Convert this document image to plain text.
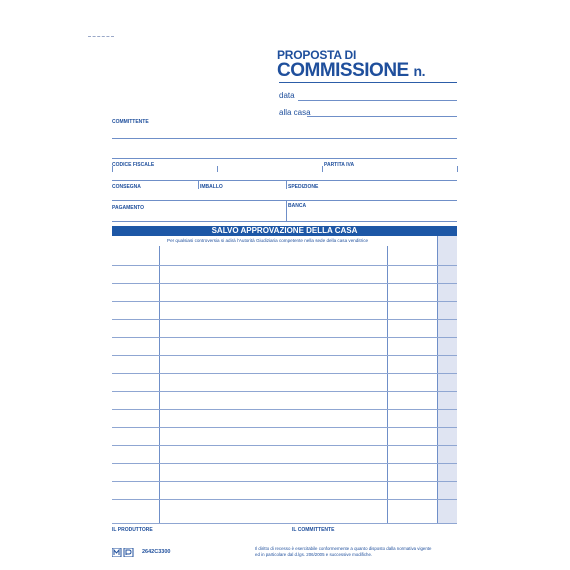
PROPOSTA DI
COMMISSIONE n.
data
alla casa
COMMITTENTE
CODICE FISCALE	PARTITA IVA
CONSEGNA	IMBALLO	SPEDIZIONE
PAGAMENTO	BANCA
SALVO APPROVAZIONE DELLA CASA
Per qualsiasi controversia si adirà l'Autorità Giudiziaria competente nella sede della casa venditrice
IL PRODUTTORE	IL COMMITTENTE
2642C3300
Il diritto di recesso è esercitabile conformemente a quanto disposto dalla normativa vigente
ed in particolare dal d.lgs. 206/2005 e successive modifiche.
